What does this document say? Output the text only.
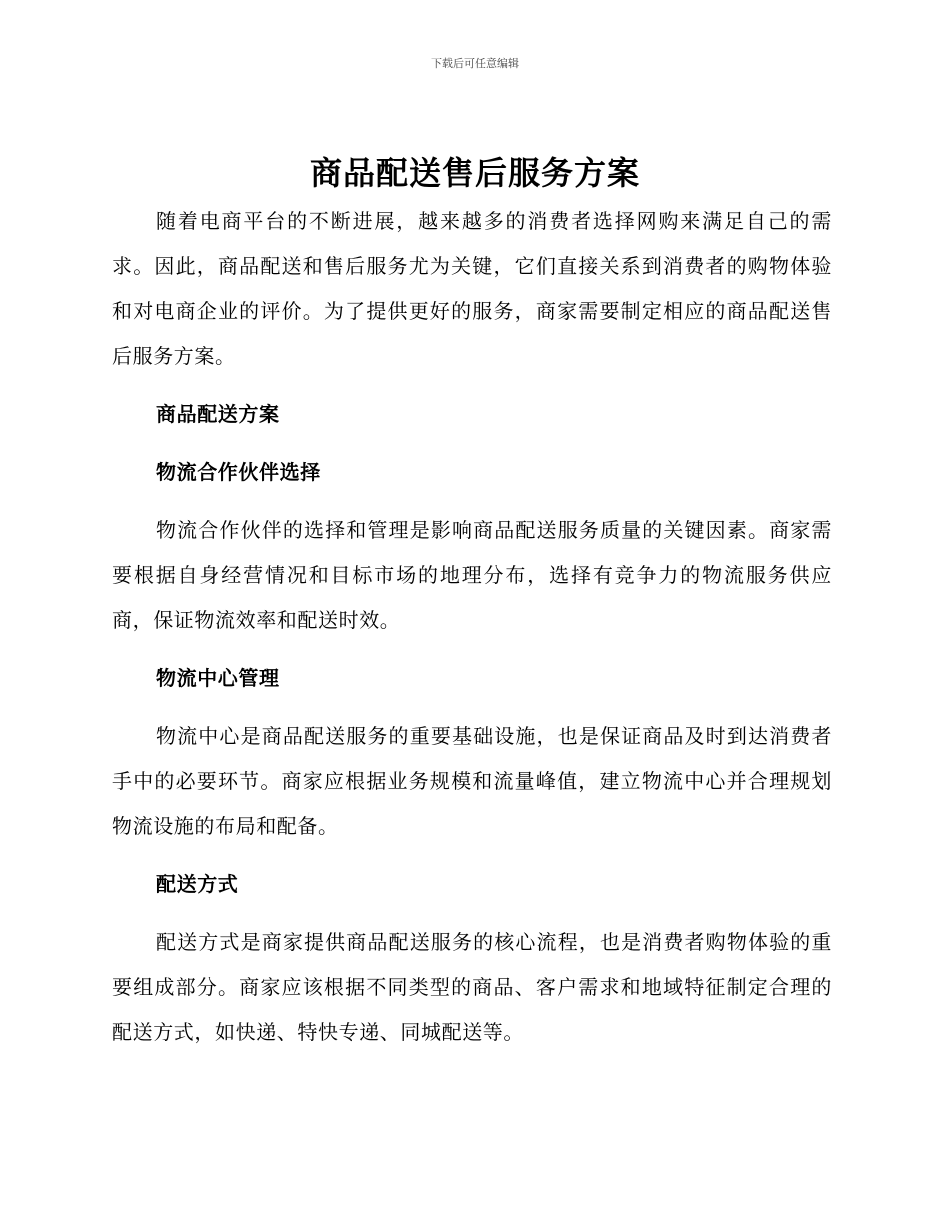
下载后可任意编辑
商品配送售后服务方案

随着电商平台的不断进展，越来越多的消费者选择网购来满足自己的需求。因此，商品配送和售后服务尤为关键，它们直接关系到消费者的购物体验和对电商企业的评价。为了提供更好的服务，商家需要制定相应的商品配送售后服务方案。

商品配送方案

物流合作伙伴选择

物流合作伙伴的选择和管理是影响商品配送服务质量的关键因素。商家需要根据自身经营情况和目标市场的地理分布，选择有竞争力的物流服务供应商，保证物流效率和配送时效。

物流中心管理

物流中心是商品配送服务的重要基础设施，也是保证商品及时到达消费者手中的必要环节。商家应根据业务规模和流量峰值，建立物流中心并合理规划物流设施的布局和配备。

配送方式

配送方式是商家提供商品配送服务的核心流程，也是消费者购物体验的重要组成部分。商家应该根据不同类型的商品、客户需求和地域特征制定合理的配送方式，如快递、特快专递、同城配送等。
